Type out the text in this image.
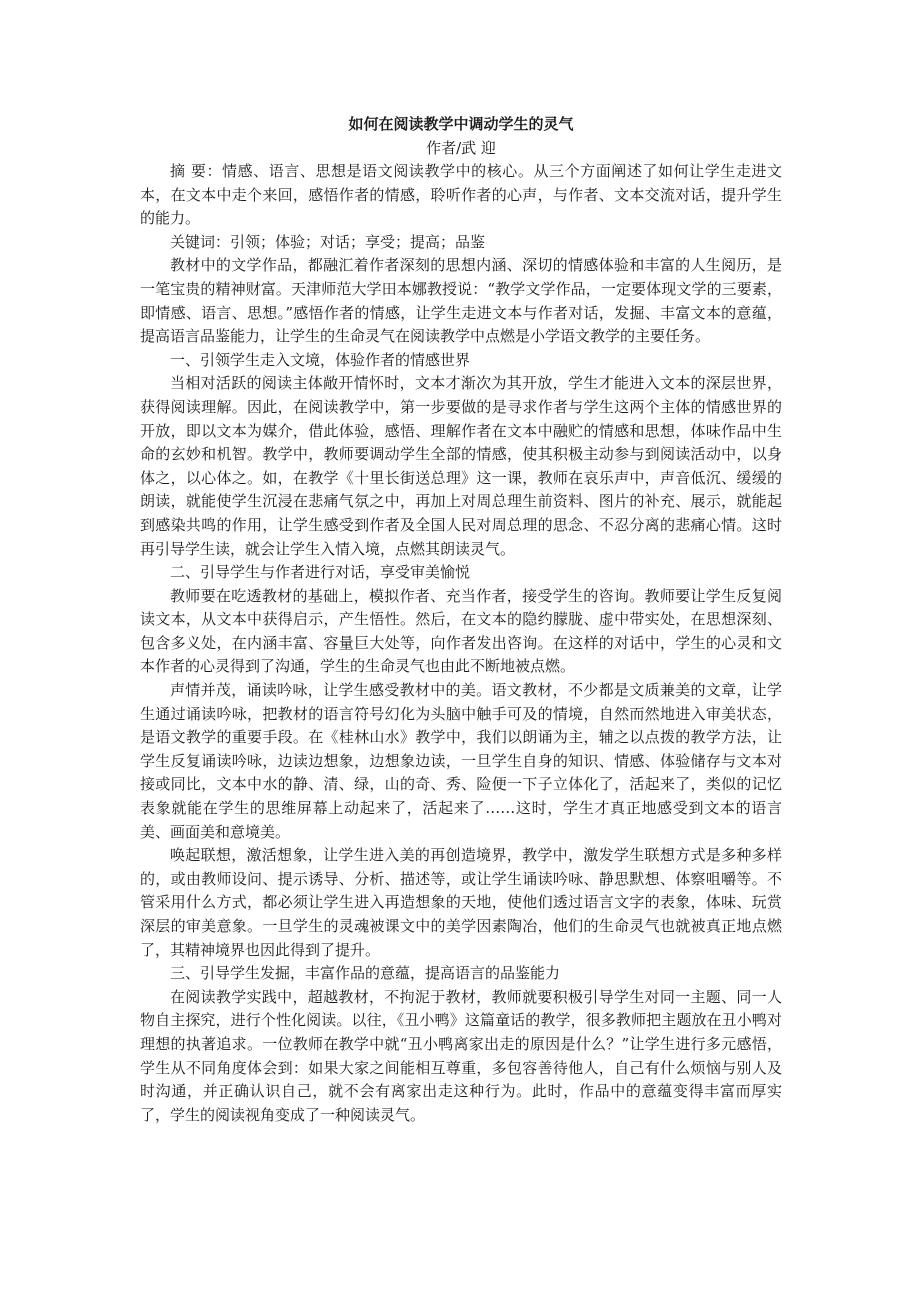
如何在阅读教学中调动学生的灵气

作者/武 迎

摘 要：情感、语言、思想是语文阅读教学中的核心。从三个方面阐述了如何让学生走进文本，在文本中走个来回，感悟作者的情感，聆听作者的心声，与作者、文本交流对话，提升学生的能力。

关键词：引领；体验；对话；享受；提高；品鉴

教材中的文学作品，都融汇着作者深刻的思想内涵、深切的情感体验和丰富的人生阅历，是一笔宝贵的精神财富。天津师范大学田本娜教授说：“教学文学作品，一定要体现文学的三要素，即情感、语言、思想。”感悟作者的情感，让学生走进文本与作者对话，发掘、丰富文本的意蕴，提高语言品鉴能力，让学生的生命灵气在阅读教学中点燃是小学语文教学的主要任务。

一、引领学生走入文境，体验作者的情感世界

当相对活跃的阅读主体敞开情怀时，文本才渐次为其开放，学生才能进入文本的深层世界，获得阅读理解。因此，在阅读教学中，第一步要做的是寻求作者与学生这两个主体的情感世界的开放，即以文本为媒介，借此体验，感悟、理解作者在文本中融贮的情感和思想，体味作品中生命的玄妙和机智。教学中，教师要调动学生全部的情感，使其积极主动参与到阅读活动中，以身体之，以心体之。如，在教学《十里长街送总理》这一课，教师在哀乐声中，声音低沉、缓缓的朗读，就能使学生沉浸在悲痛气氛之中，再加上对周总理生前资料、图片的补充、展示，就能起到感染共鸣的作用，让学生感受到作者及全国人民对周总理的思念、不忍分离的悲痛心情。这时再引导学生读，就会让学生入情入境，点燃其朗读灵气。

二、引导学生与作者进行对话，享受审美愉悦

教师要在吃透教材的基础上，模拟作者、充当作者，接受学生的咨询。教师要让学生反复阅读文本，从文本中获得启示，产生悟性。然后，在文本的隐约朦胧、虚中带实处，在思想深刻、包含多义处，在内涵丰富、容量巨大处等，向作者发出咨询。在这样的对话中，学生的心灵和文本作者的心灵得到了沟通，学生的生命灵气也由此不断地被点燃。

声情并茂，诵读吟咏，让学生感受教材中的美。语文教材，不少都是文质兼美的文章，让学生通过诵读吟咏，把教材的语言符号幻化为头脑中触手可及的情境，自然而然地进入审美状态，是语文教学的重要手段。在《桂林山水》教学中，我们以朗诵为主，辅之以点拨的教学方法，让学生反复诵读吟咏，边读边想象，边想象边读，一旦学生自身的知识、情感、体验储存与文本对接或同比，文本中水的静、清、绿，山的奇、秀、险便一下子立体化了，活起来了，类似的记忆表象就能在学生的思维屏幕上动起来了，活起来了……这时，学生才真正地感受到文本的语言美、画面美和意境美。

唤起联想，激活想象，让学生进入美的再创造境界，教学中，激发学生联想方式是多种多样的，或由教师设问、提示诱导、分析、描述等，或让学生诵读吟咏、静思默想、体察咀嚼等。不管采用什么方式，都必须让学生进入再造想象的天地，使他们透过语言文字的表象，体味、玩赏深层的审美意象。一旦学生的灵魂被课文中的美学因素陶冶，他们的生命灵气也就被真正地点燃了，其精神境界也因此得到了提升。

三、引导学生发掘，丰富作品的意蕴，提高语言的品鉴能力

在阅读教学实践中，超越教材，不拘泥于教材，教师就要积极引导学生对同一主题、同一人物自主探究，进行个性化阅读。以往，《丑小鸭》这篇童话的教学，很多教师把主题放在丑小鸭对理想的执著追求。一位教师在教学中就“丑小鸭离家出走的原因是什么？”让学生进行多元感悟，学生从不同角度体会到：如果大家之间能相互尊重，多包容善待他人，自己有什么烦恼与别人及时沟通，并正确认识自己，就不会有离家出走这种行为。此时，作品中的意蕴变得丰富而厚实了，学生的阅读视角变成了一种阅读灵气。
